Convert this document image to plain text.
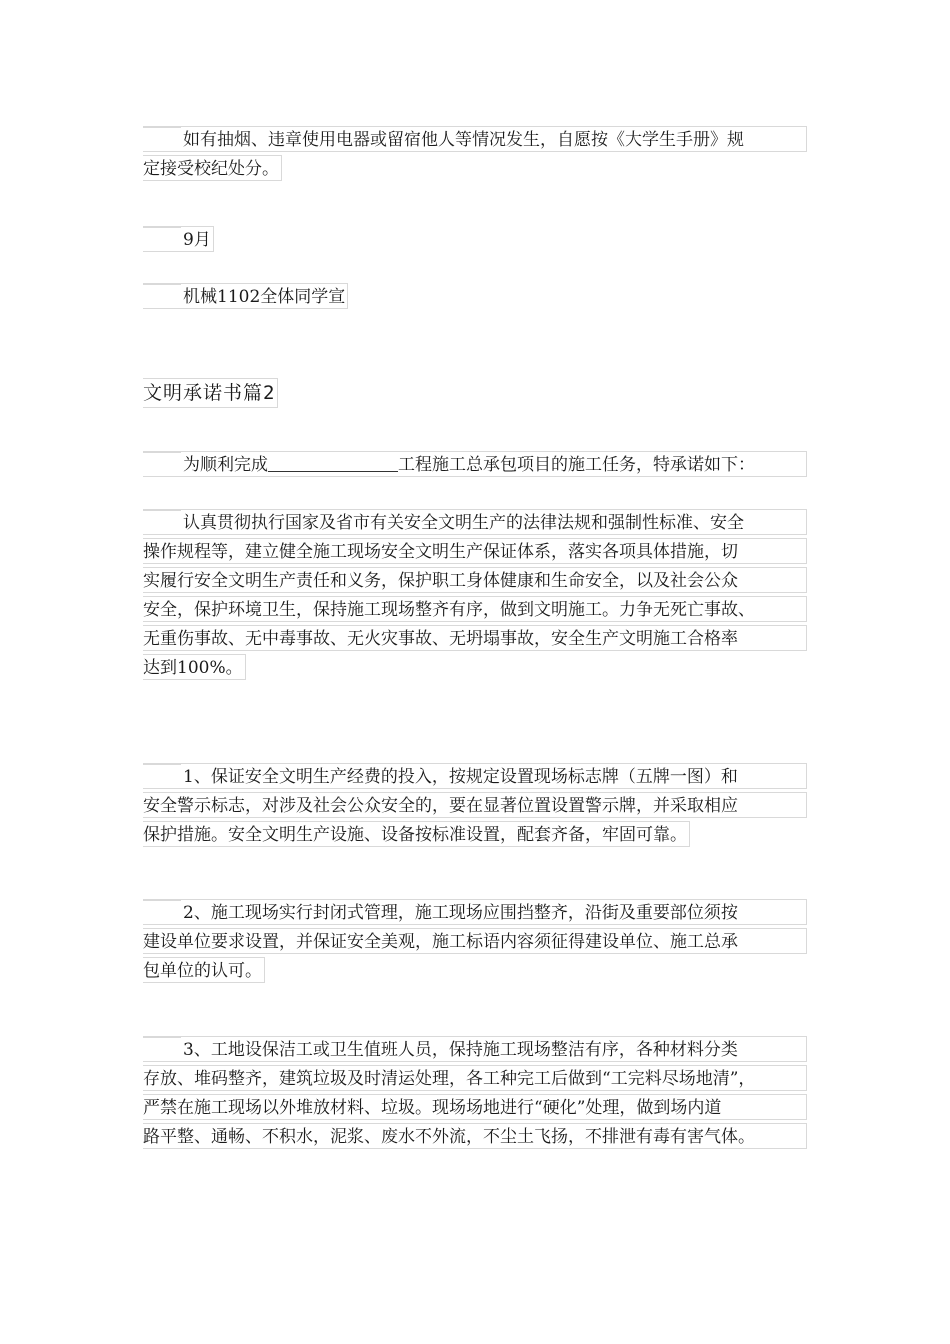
如有抽烟、违章使用电器或留宿他人等情况发生，自愿按《大学生手册》规
定接受校纪处分。
9月
机械1102全体同学宣
文明承诺书篇2
为顺利完成	工程施工总承包项目的施工任务，特承诺如下：
认真贯彻执行国家及省市有关安全文明生产的法律法规和强制性标准、安全
操作规程等，建立健全施工现场安全文明生产保证体系，落实各项具体措施，切
实履行安全文明生产责任和义务，保护职工身体健康和生命安全，以及社会公众
安全，保护环境卫生，保持施工现场整齐有序，做到文明施工。力争无死亡事故、
无重伤事故、无中毒事故、无火灾事故、无坍塌事故，安全生产文明施工合格率
达到100%。
1、保证安全文明生产经费的投入，按规定设置现场标志牌（五牌一图）和
安全警示标志，对涉及社会公众安全的，要在显著位置设置警示牌，并采取相应
保护措施。安全文明生产设施、设备按标准设置，配套齐备，牢固可靠。
2、施工现场实行封闭式管理，施工现场应围挡整齐，沿街及重要部位须按
建设单位要求设置，并保证安全美观，施工标语内容须征得建设单位、施工总承
包单位的认可。
3、工地设保洁工或卫生值班人员，保持施工现场整洁有序，各种材料分类
存放、堆码整齐，建筑垃圾及时清运处理，各工种完工后做到“工完料尽场地清”，
严禁在施工现场以外堆放材料、垃圾。现场场地进行“硬化”处理，做到场内道
路平整、通畅、不积水，泥浆、废水不外流，不尘土飞扬，不排泄有毒有害气体。
